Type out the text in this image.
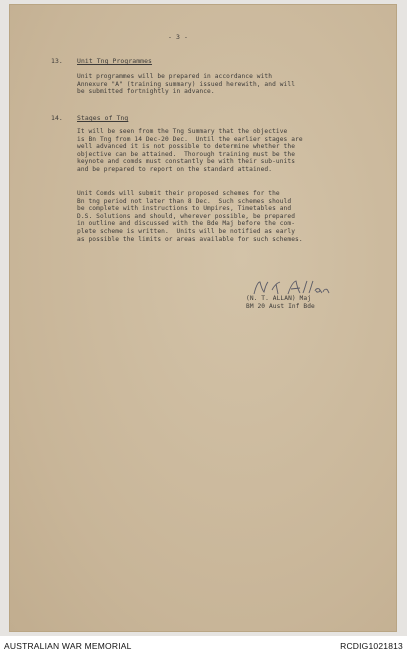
- 3 -
13. Unit Tng Programmes
Unit programmes will be prepared in accordance with
Annexure "A" (training summary) issued herewith, and will
be submitted fortnightly in advance.
14. Stages of Tng
It will be seen from the Tng Summary that the objective
is Bn Tng from 14 Dec-20 Dec.  Until the earlier stages are
well advanced it is not possible to determine whether the
objective can be attained.  Thorough training must be the
keynote and comds must constantly be with their sub-units
and be prepared to report on the standard attained.
Unit Comds will submit their proposed schemes for the
Bn tng period not later than 8 Dec.  Such schemes should
be complete with instructions to Umpires, Timetables and
D.S. Solutions and should, wherever possible, be prepared
in outline and discussed with the Bde Maj before the com-
plete scheme is written.  Units will be notified as early
as possible the limits or areas available for such schemes.
(N. T. ALLAN) Maj
BM 20 Aust Inf Bde
AUSTRALIAN WAR MEMORIAL	RCDIG1021813
